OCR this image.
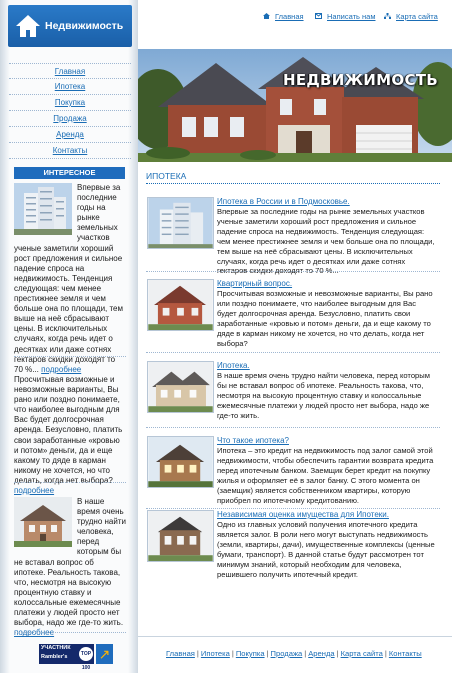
Недвижимость
Главная
Ипотека
Покупка
Продажа
Аренда
Контакты
ИНТЕРЕСНОЕ
Впервые за последние годы на рынке земельных участков ученые заметили хороший рост предложения и сильное падение спроса на недвижимость. Тенденция следующая: чем менее престижнее земля и чем больше она по площади, тем выше на неё сбрасывают цены. В исключительных случаях, когда речь идет о десятках или даже сотнях гектаров скидки доходят то 70 %... подробнее
Просчитывая возможные и невозможные варианты, Вы рано или поздно понимаете, что наиболее выгодным для Вас будет долгосрочная аренда. Безусловно, платить свои заработанные «кровью и потом» деньги, да и еще какому то дяде в карман никому не хочется, но что делать, когда нет выбора?
подробнее
В наше время очень трудно найти человека, перед которым бы не вставал вопрос об ипотеке. Реальность такова, что, несмотря на высокую процентную ставку и колоссальные ежемесячные платежи у людей просто нет выбора, надо же где-то жить.
подробнее
УЧАСТНИК
Rambler's	TOP 100
↗
Главная	Написать нам	Карта сайта
НЕДВИЖИМОСТЬ
ИПОТЕКА
Ипотека в России и в Подмосковье.
Впервые за последние годы на рынке земельных участков ученые заметили хороший рост предложения и сильное падение спроса на недвижимость. Тенденция следующая: чем менее престижнее земля и чем больше она по площади, тем выше на неё сбрасывают цены. В исключительных случаях, когда речь идет о десятках или даже сотнях гектаров скидки доходят то 70 %...
Квартирный вопрос.
Просчитывая возможные и невозможные варианты, Вы рано или поздно понимаете, что наиболее выгодным для Вас будет долгосрочная аренда. Безусловно, платить свои заработанные «кровью и потом» деньги, да и еще какому то дяде в карман никому не хочется, но что делать, когда нет выбора?
Ипотека.
В наше время очень трудно найти человека, перед которым бы не вставал вопрос об ипотеке. Реальность такова, что, несмотря на высокую процентную ставку и колоссальные ежемесячные платежи у людей просто нет выбора, надо же где-то жить.
Что такое ипотека?
Ипотека – это кредит на недвижимость под залог самой этой недвижимости, чтобы обеспечить гарантии возврата кредита перед ипотечным банком. Заемщик берет кредит на покупку жилья и оформляет её в залог банку. С этого момента он (заемщик) является собственником квартиры, которую приобрел по ипотечному кредитованию.
Независимая оценка имущества для Ипотеки.
Одно из главных условий получения ипотечного кредита является залог. В роли него могут выступать недвижимость (земли, квартиры, дачи), имущественные комплексы (ценные бумаги, транспорт). В данной статье будут рассмотрен тот минимум знаний, который необходим для человека, решившего получить ипотечный кредит.
Главная | Ипотека | Покупка | Продажа | Аренда | Карта сайта | Контакты
